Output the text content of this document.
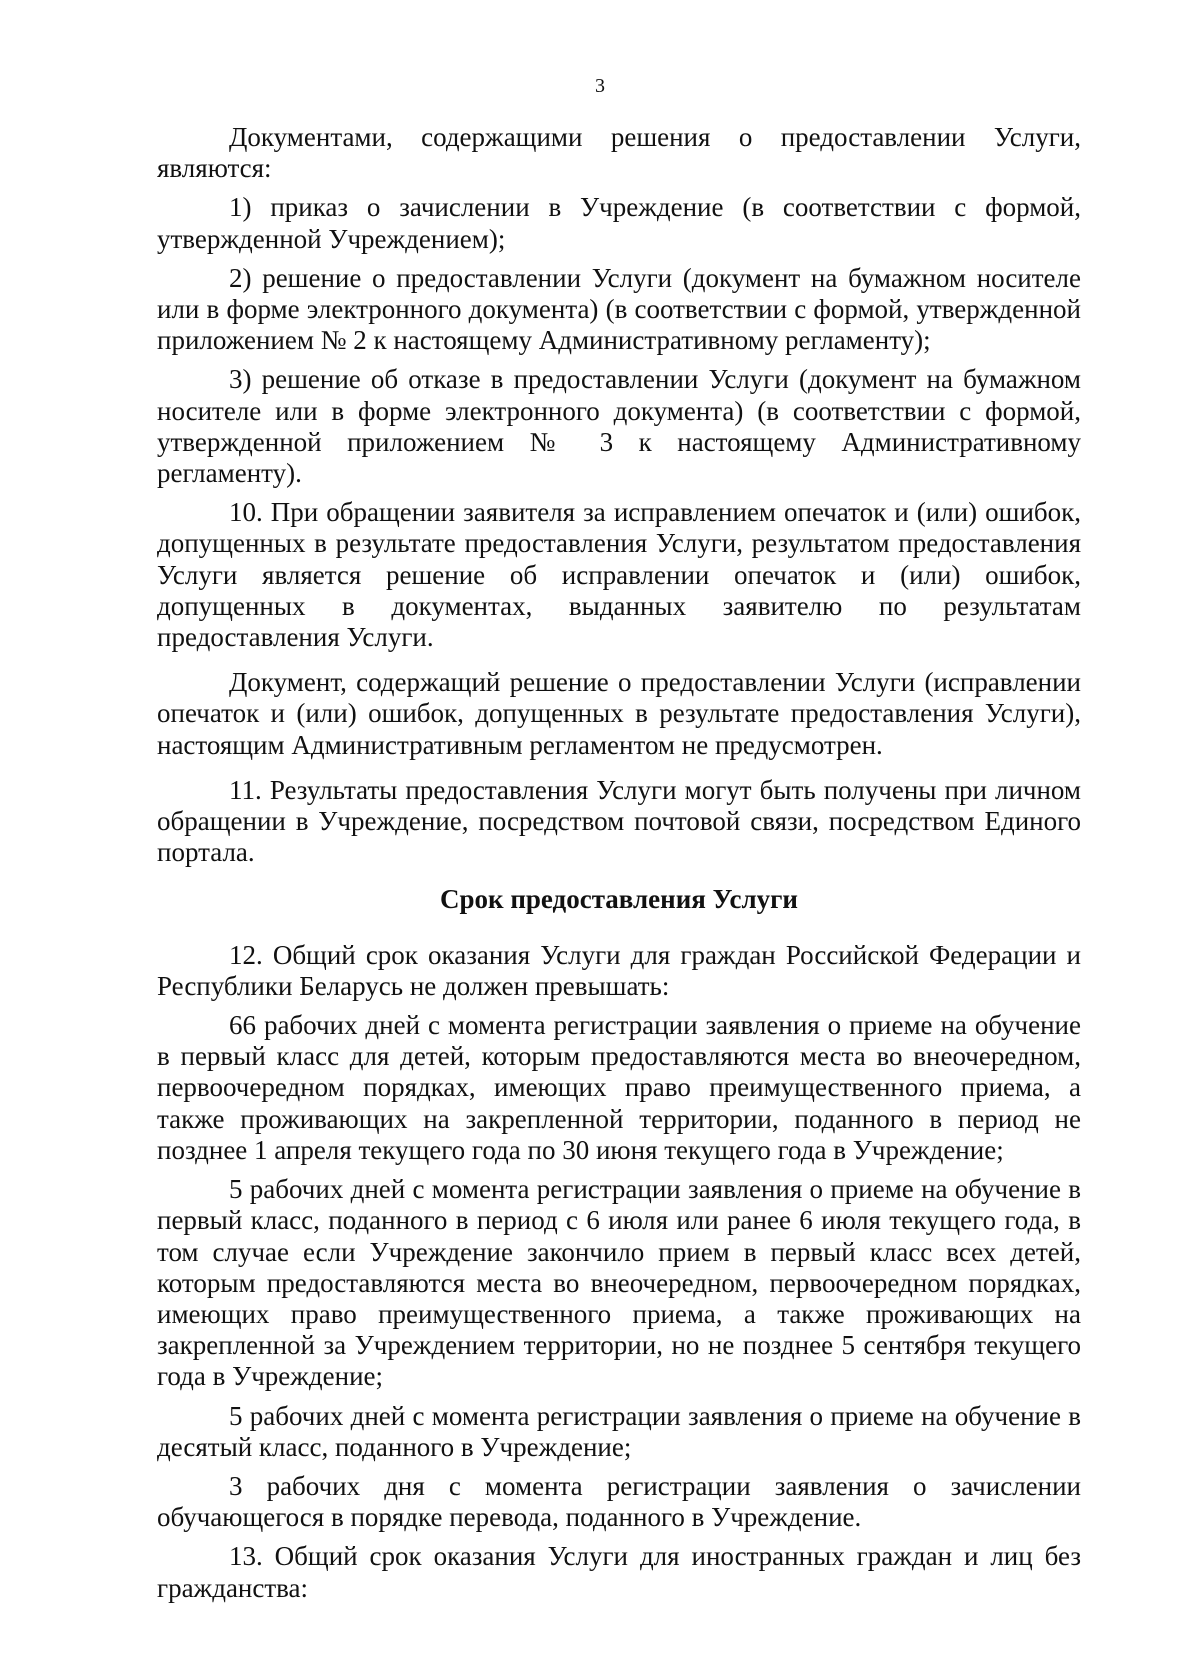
3

Документами, содержащими решения о предоставлении Услуги, являются:

1) приказ о зачислении в Учреждение (в соответствии с формой, утвержденной Учреждением);

2) решение о предоставлении Услуги (документ на бумажном носителе или в форме электронного документа) (в соответствии с формой, утвержденной приложением № 2 к настоящему Административному регламенту);

3) решение об отказе в предоставлении Услуги (документ на бумажном носителе или в форме электронного документа) (в соответствии с формой, утвержденной приложением № 3 к настоящему Административному регламенту).

10. При обращении заявителя за исправлением опечаток и (или) ошибок, допущенных в результате предоставления Услуги, результатом предоставления Услуги является решение об исправлении опечаток и (или) ошибок, допущенных в документах, выданных заявителю по результатам предоставления Услуги.

Документ, содержащий решение о предоставлении Услуги (исправлении опечаток и (или) ошибок, допущенных в результате предоставления Услуги), настоящим Административным регламентом не предусмотрен.

11. Результаты предоставления Услуги могут быть получены при личном обращении в Учреждение, посредством почтовой связи, посредством Единого портала.

Срок предоставления Услуги

12. Общий срок оказания Услуги для граждан Российской Федерации и Республики Беларусь не должен превышать:

66 рабочих дней с момента регистрации заявления о приеме на обучение в первый класс для детей, которым предоставляются места во внеочередном, первоочередном порядках, имеющих право преимущественного приема, а также проживающих на закрепленной территории, поданного в период не позднее 1 апреля текущего года по 30 июня текущего года в Учреждение;

5 рабочих дней с момента регистрации заявления о приеме на обучение в первый класс, поданного в период с 6 июля или ранее 6 июля текущего года, в том случае если Учреждение закончило прием в первый класс всех детей, которым предоставляются места во внеочередном, первоочередном порядках, имеющих право преимущественного приема, а также проживающих на закрепленной за Учреждением территории, но не позднее 5 сентября текущего года в Учреждение;

5 рабочих дней с момента регистрации заявления о приеме на обучение в десятый класс, поданного в Учреждение;

3 рабочих дня с момента регистрации заявления о зачислении обучающегося в порядке перевода, поданного в Учреждение.

13. Общий срок оказания Услуги для иностранных граждан и лиц без гражданства:
